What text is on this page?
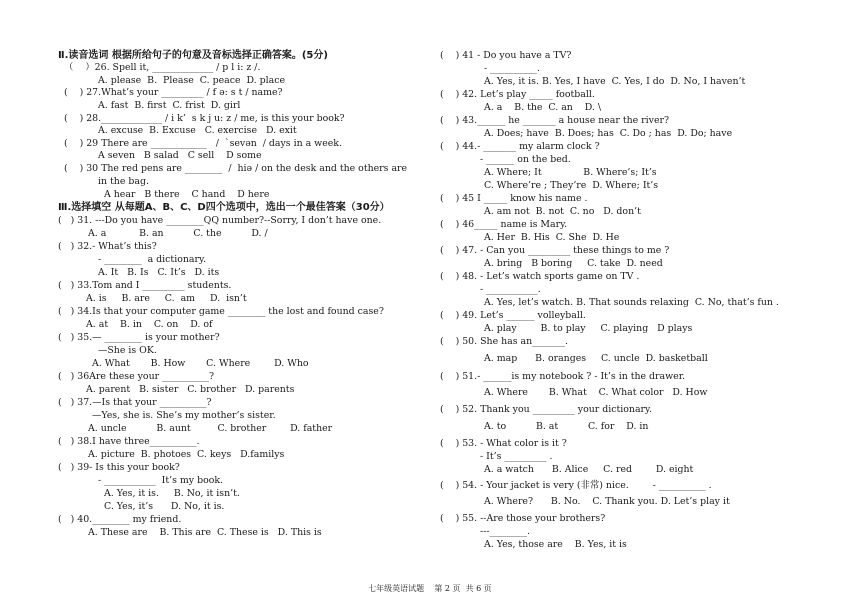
Ⅱ.读音选词 根据所给句子的句意及音标选择正确答案。(5分)
（    ）26. Spell it, _____________ / p l i: z /.
A. please  B.  Please  C. peace  D. place
(    ) 27.What’s your _________ / f ə: s t / name?
A. fast  B. first  C. frist  D. girl
(    ) 28._____________ / i k’  s k j u: z / me, is this your book?
A. excuse  B. Excuse   C. exercise   D. exit
(    ) 29 There are ____________   /  `sevən  / days in a week.
A seven   B salad   C sell    D some
(    ) 30 The red pens are ________  /  hiə / on the desk and the others are
in the bag.
A hear   B there    C hand    D here
Ⅲ.选择填空 从每题A、B、C、D四个选项中，选出一个最佳答案（30分）
(   ) 31. ---Do you have ________QQ number?--Sorry, I don’t have one.
A. a           B. an          C. the          D. /
(   ) 32.- What’s this?
- ________  a dictionary.
A. It   B. Is   C. It’s   D. its
(   ) 33.Tom and I _________ students.
A. is     B. are     C.  am     D.  isn’t
(   ) 34.Is that your computer game ________ the lost and found case?
A. at    B. in    C. on    D. of
(   ) 35.— ________ is your mother?
—She is OK.
A. What       B. How       C. Where        D. Who
(   ) 36Are these your __________?
A. parent   B. sister   C. brother   D. parents
(   ) 37.—Is that your __________?
—Yes, she is. She’s my mother’s sister.
A. uncle          B. aunt         C. brother        D. father
(   ) 38.I have three__________.
A. picture  B. photoes  C. keys   D.familys
(   ) 39- Is this your book?
- ___________  It’s my book.
A. Yes, it is.     B. No, it isn’t.
C. Yes, it’s      D. No, it is.
(   ) 40.________ my friend.
A. These are    B. This are  C. These is   D. This is
(    ) 41 - Do you have a TV?
- __________.
A. Yes, it is. B. Yes, I have  C. Yes, I do  D. No, I haven’t
(    ) 42. Let’s play _____ football.
A. a    B. the  C. an    D. \
(    ) 43.______ he _______ a house near the river?
A. Does; have  B. Does; has  C. Do ; has  D. Do; have
(    ) 44.- _______ my alarm clock ?
- ______ on the bed.
A. Where; It              B. Where’s; It’s
C. Where’re ; They’re  D. Where; It’s
(    ) 45 I _____ know his name .
A. am not  B. not  C. no   D. don’t
(    ) 46_____ name is Mary.
A. Her  B. His  C. She  D. He
(    ) 47. - Can you _________ these things to me ?
A. bring   B boring     C. take  D. need
(    ) 48. - Let’s watch sports game on TV .
- ___________.
A. Yes, let’s watch. B. That sounds relaxing  C. No, that’s fun .
(    ) 49. Let’s ______ volleyball.
A. play        B. to play     C. playing   D plays
(    ) 50. She has an_______.
A. map      B. oranges     C. uncle  D. basketball
(    ) 51.- ______is my notebook ? - It’s in the drawer.
A. Where       B. What    C. What color   D. How
(    ) 52. Thank you _________ your dictionary.
A. to          B. at          C. for    D. in
(    ) 53. - What color is it ?
- It’s _________ .
A. a watch      B. Alice     C. red        D. eight
(    ) 54. - Your jacket is very (非常) nice.        - __________ .
A. Where?      B. No.    C. Thank you. D. Let’s play it
(    ) 55. --Are those your brothers?
---________.
A. Yes, those are    B. Yes, it is
七年级英语试题    第 2 页  共 6 页
